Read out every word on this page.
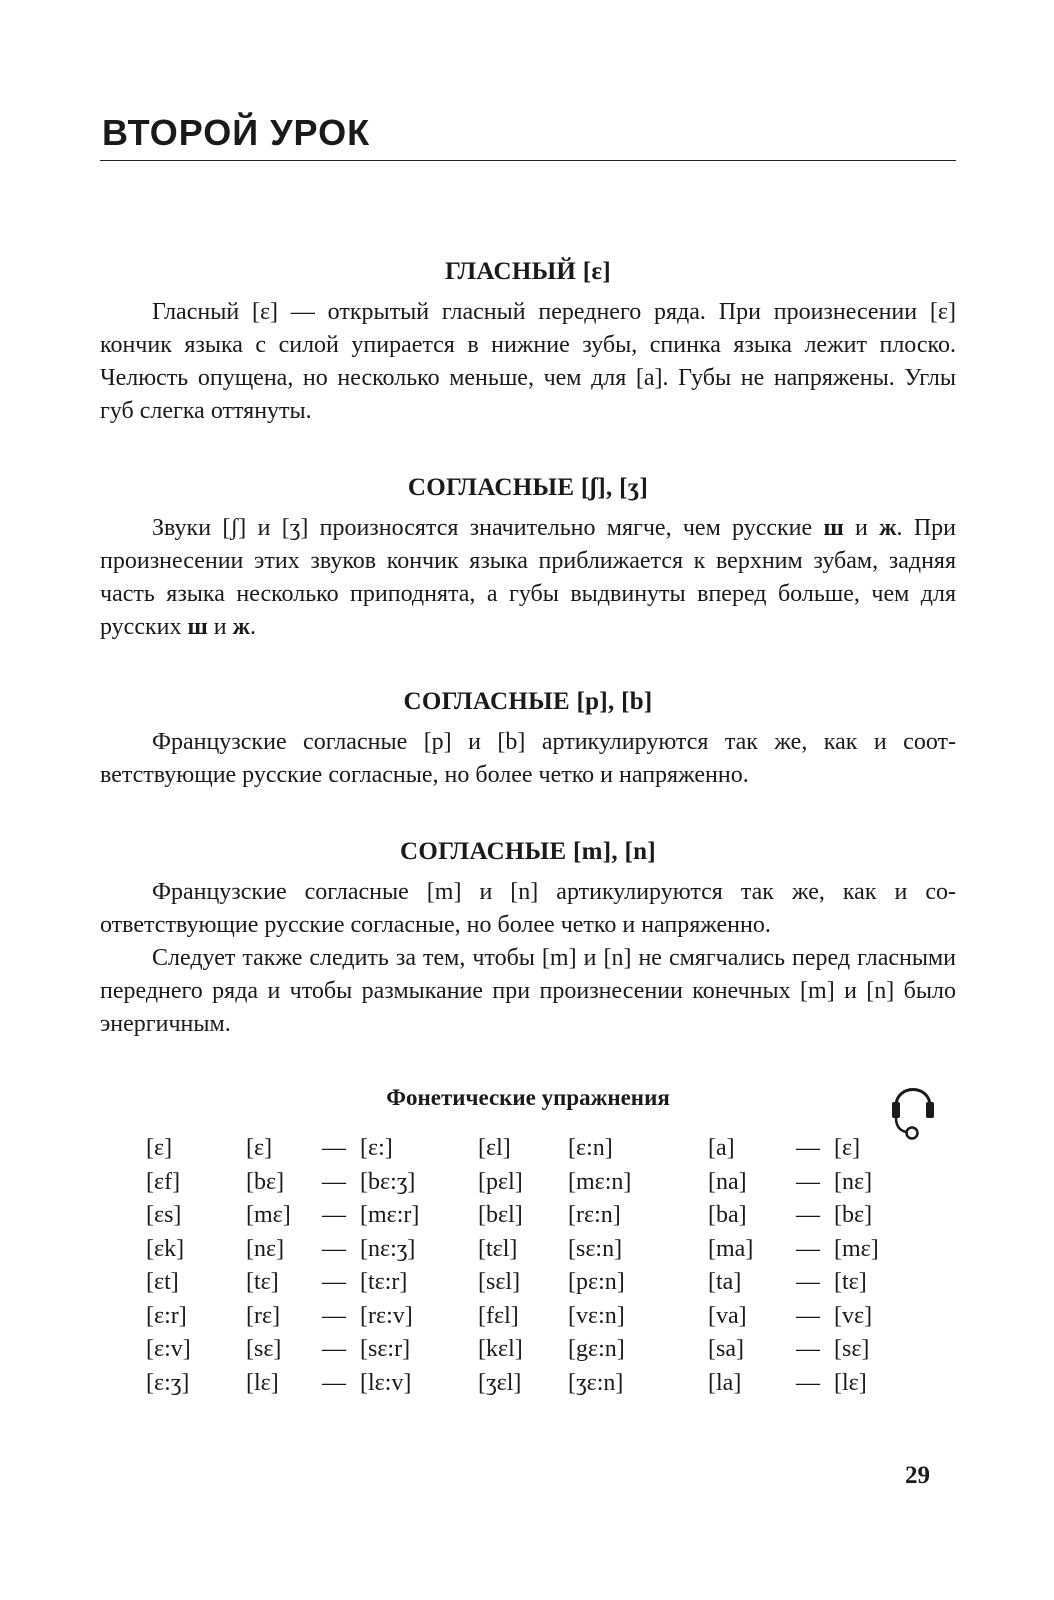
ВТОРОЙ УРОК
ГЛАСНЫЙ [ɛ]

Гласный [ɛ] — открытый гласный переднего ряда. При произнесении [ɛ] кончик языка с силой упирается в нижние зубы, спинка языка лежит плоско. Челюсть опущена, но несколько меньше, чем для [a]. Губы не напряжены. Углы губ слегка оттянуты.

СОГЛАСНЫЕ [ʃ], [ʒ]

Звуки [ʃ] и [ʒ] произносятся значительно мягче, чем русские ш и ж. При произнесении этих звуков кончик языка приближается к верхним зубам, задняя часть языка несколько приподнята, а губы выдвинуты вперед больше, чем для русских ш и ж.

СОГЛАСНЫЕ [p], [b]

Французские согласные [p] и [b] артикулируются так же, как и соответствующие русские согласные, но более четко и напряженно.

СОГЛАСНЫЕ [m], [n]

Французские согласные [m] и [n] артикулируются так же, как и соответствующие русские согласные, но более четко и напряженно.

Следует также следить за тем, чтобы [m] и [n] не смягчались перед гласными переднего ряда и чтобы размыкание при произнесении конечных [m] и [n] было энергичным.

Фонетические упражнения
[ɛ]	[ɛ]	—	[ɛ:]	[ɛl]	[ɛ:n]	[a]	—	[ɛ]
[ɛf]	[bɛ]	—	[bɛ:ʒ]	[pɛl]	[mɛ:n]	[na]	—	[nɛ]
[ɛs]	[mɛ]	—	[mɛ:r]	[bɛl]	[rɛ:n]	[ba]	—	[bɛ]
[ɛk]	[nɛ]	—	[nɛ:ʒ]	[tɛl]	[sɛ:n]	[ma]	—	[mɛ]
[ɛt]	[tɛ]	—	[tɛ:r]	[sɛl]	[pɛ:n]	[ta]	—	[tɛ]
[ɛ:r]	[rɛ]	—	[rɛ:v]	[fɛl]	[vɛ:n]	[va]	—	[vɛ]
[ɛ:v]	[sɛ]	—	[sɛ:r]	[kɛl]	[gɛ:n]	[sa]	—	[sɛ]
[ɛ:ʒ]	[lɛ]	—	[lɛ:v]	[ʒɛl]	[ʒɛ:n]	[la]	—	[lɛ]
29
